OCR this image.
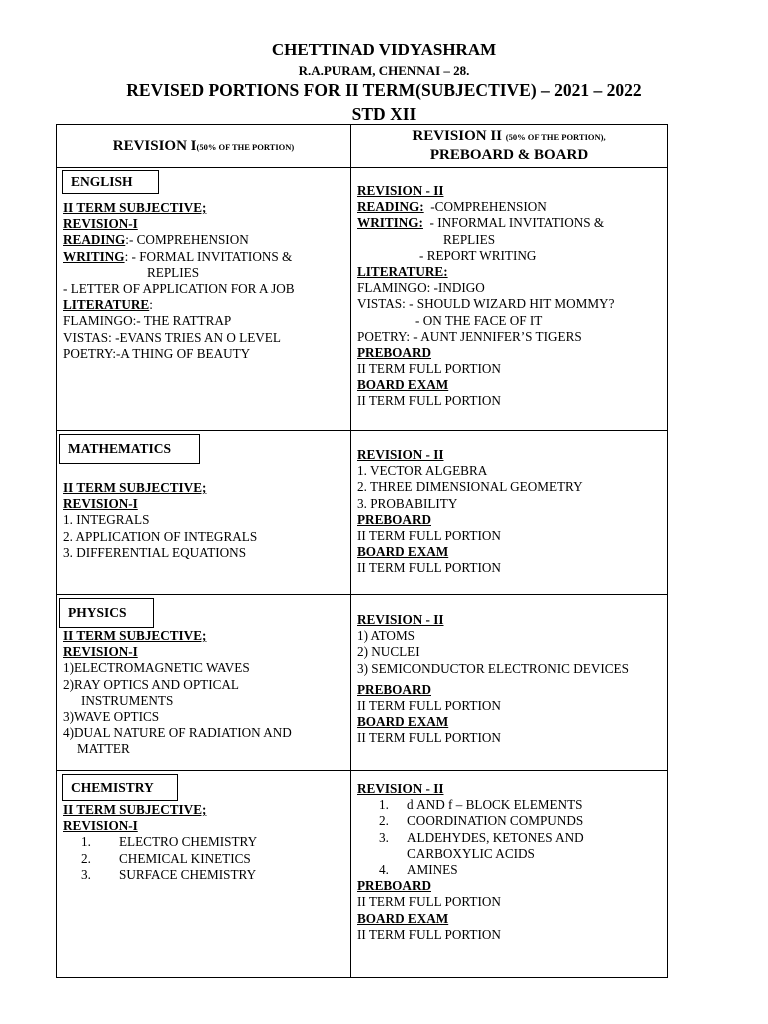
CHETTINAD VIDYASHRAM
R.A.PURAM, CHENNAI – 28.
REVISED PORTIONS FOR II TERM(SUBJECTIVE) – 2021 – 2022
STD XII
REVISION I(50% OF THE PORTION)
REVISION II (50% OF THE PORTION),
PREBOARD & BOARD
ENGLISH
II TERM SUBJECTIVE;
REVISION-I
READING:- COMPREHENSION
WRITING: - FORMAL INVITATIONS &
REPLIES
- LETTER OF APPLICATION FOR A JOB
LITERATURE:
FLAMINGO:- THE RATTRAP
VISTAS: -EVANS TRIES AN O LEVEL
POETRY:-A THING OF BEAUTY
REVISION - II
READING:  -COMPREHENSION
WRITING:  - INFORMAL INVITATIONS &
REPLIES
- REPORT WRITING
LITERATURE:
FLAMINGO: -INDIGO
VISTAS: - SHOULD WIZARD HIT MOMMY?
- ON THE FACE OF IT
POETRY: - AUNT JENNIFER’S TIGERS
PREBOARD
II TERM FULL PORTION
BOARD EXAM
II TERM FULL PORTION
MATHEMATICS
II TERM SUBJECTIVE;
REVISION-I
1. INTEGRALS
2. APPLICATION OF INTEGRALS
3. DIFFERENTIAL EQUATIONS
REVISION - II
1. VECTOR ALGEBRA
2. THREE DIMENSIONAL GEOMETRY
3. PROBABILITY
PREBOARD
II TERM FULL PORTION
BOARD EXAM
II TERM FULL PORTION
PHYSICS
II TERM SUBJECTIVE;
REVISION-I
1)ELECTROMAGNETIC WAVES
2)RAY OPTICS AND OPTICAL
INSTRUMENTS
3)WAVE OPTICS
4)DUAL NATURE OF RADIATION AND
MATTER
REVISION - II
1) ATOMS
2) NUCLEI
3) SEMICONDUCTOR ELECTRONIC DEVICES
PREBOARD
II TERM FULL PORTION
BOARD EXAM
II TERM FULL PORTION
CHEMISTRY
II TERM SUBJECTIVE;
REVISION-I
1. ELECTRO CHEMISTRY
2. CHEMICAL KINETICS
3. SURFACE CHEMISTRY
REVISION - II
1. d AND f – BLOCK ELEMENTS
2. COORDINATION COMPUNDS
3. ALDEHYDES, KETONES AND
CARBOXYLIC ACIDS
4. AMINES
PREBOARD
II TERM FULL PORTION
BOARD EXAM
II TERM FULL PORTION
